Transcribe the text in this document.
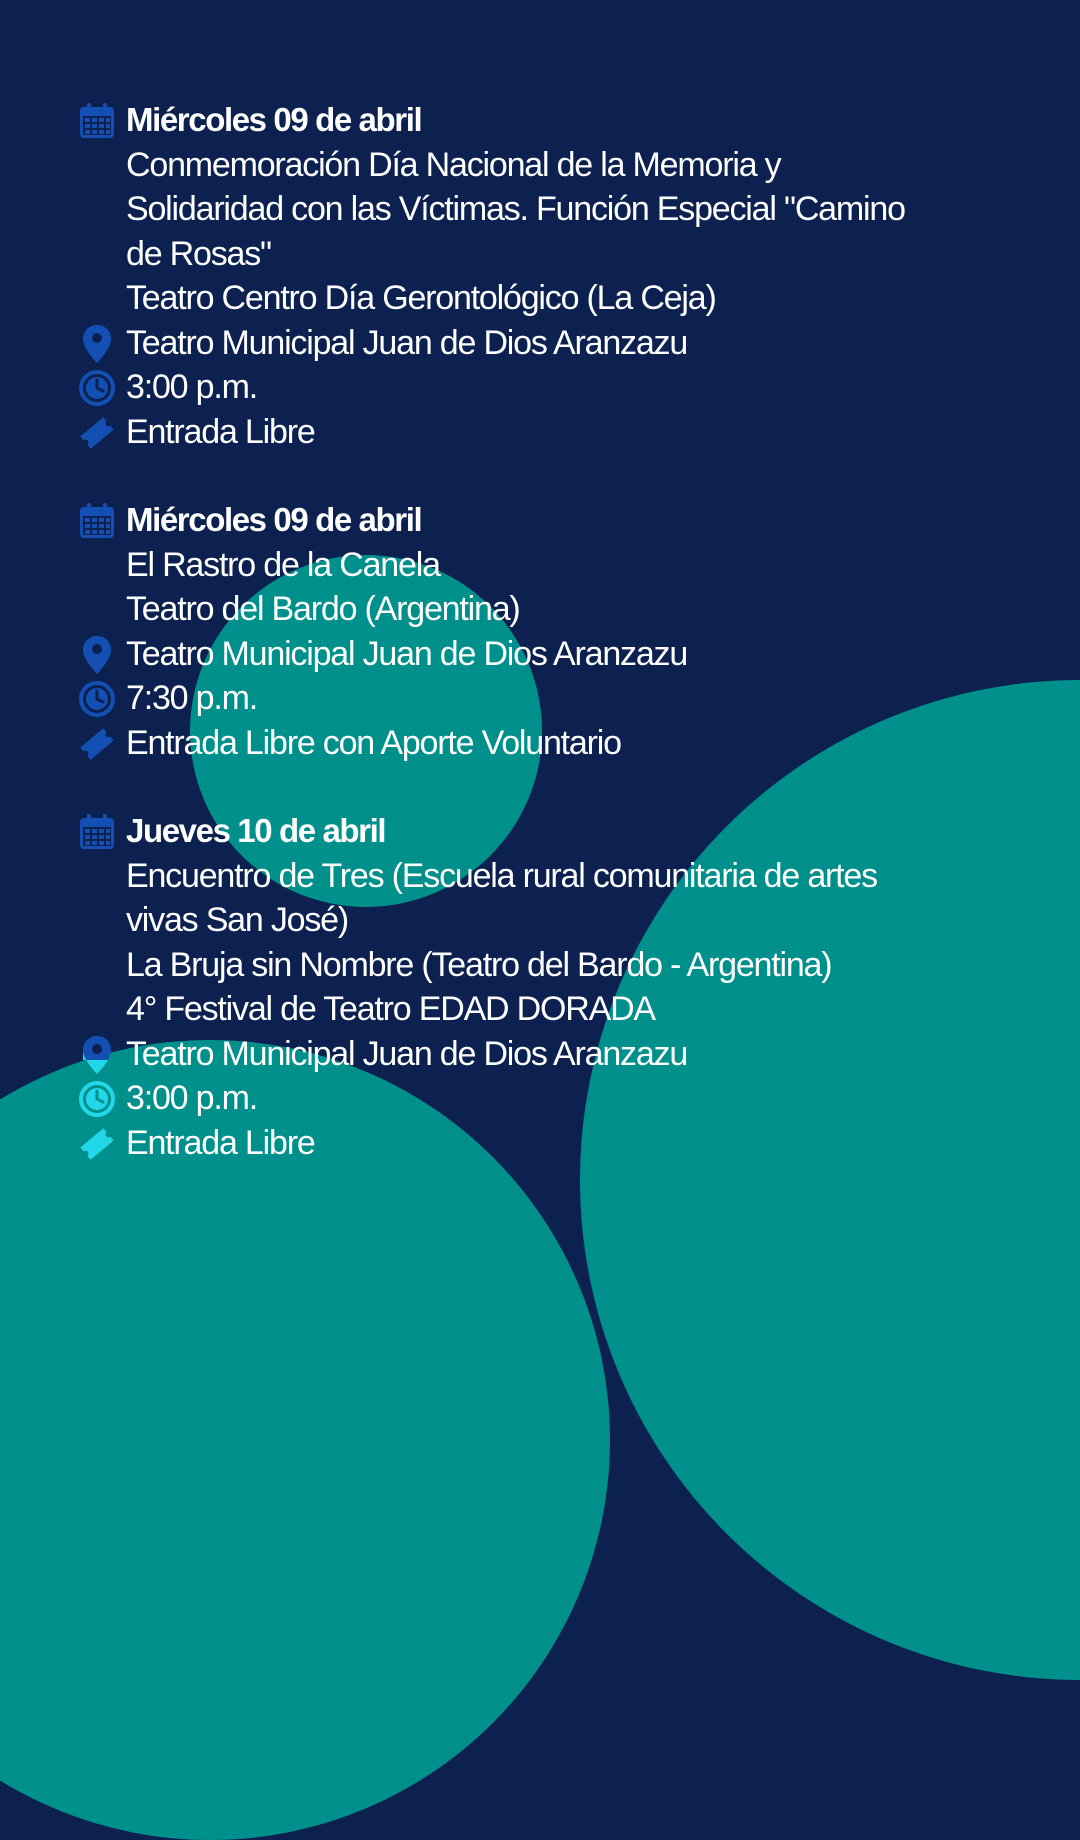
Miércoles 09 de abril
Conmemoración Día Nacional de la Memoria y
Solidaridad con las Víctimas. Función Especial "Camino
de Rosas"
Teatro Centro Día Gerontológico (La Ceja)
Teatro Municipal Juan de Dios Aranzazu
3:00 p.m.
Entrada Libre
Miércoles 09 de abril
El Rastro de la Canela
Teatro del Bardo (Argentina)
Teatro Municipal Juan de Dios Aranzazu
7:30 p.m.
Entrada Libre con Aporte Voluntario
Jueves 10 de abril
Encuentro de Tres (Escuela rural comunitaria de artes
vivas San José)
La Bruja sin Nombre (Teatro del Bardo - Argentina)
4° Festival de Teatro EDAD DORADA
Teatro Municipal Juan de Dios Aranzazu
3:00 p.m.
Entrada Libre
